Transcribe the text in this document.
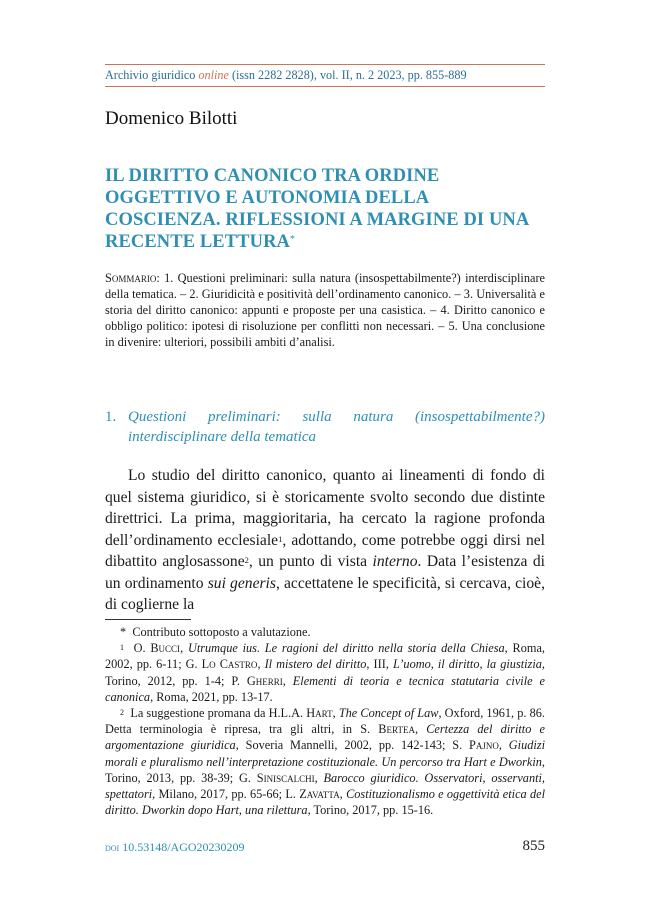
Archivio giuridico online (issn 2282 2828), vol. II, n. 2 2023, pp. 855-889
Domenico Bilotti
IL DIRITTO CANONICO TRA ORDINE OGGETTIVO E AUTONOMIA DELLA COSCIENZA. RIFLESSIONI A MARGINE DI UNA RECENTE LETTURA*
Sommario: 1. Questioni preliminari: sulla natura (insospettabilmente?) interdisciplinare della tematica. – 2. Giuridicità e positività dell’ordinamento canonico. – 3. Universalità e storia del diritto canonico: appunti e proposte per una casistica. – 4. Diritto canonico e obbligo politico: ipotesi di risoluzione per conflitti non necessari. – 5. Una conclusione in divenire: ulteriori, possibili ambiti d’analisi.
1. Questioni preliminari: sulla natura (insospettabilmente?) interdisciplinare della tematica

Lo studio del diritto canonico, quanto ai lineamenti di fondo di quel sistema giuridico, si è storicamente svolto secondo due distinte direttrici. La prima, maggioritaria, ha cercato la ragione profonda dell’ordinamento ecclesiale$^1$, adottando, come potrebbe oggi dirsi nel dibattito anglosassone$^2$, un punto di vista interno. Data l’esistenza di un ordinamento sui generis, accettatene le specificità, si cercava, cioè, di coglierne la

* Contributo sottoposto a valutazione.

$^1$ O. Bucci, Utrumque ius. Le ragioni del diritto nella storia della Chiesa, Roma, 2002, pp. 6-11; G. Lo Castro, Il mistero del diritto, III, L’uomo, il diritto, la giustizia, Torino, 2012, pp. 1-4; P. Gherri, Elementi di teoria e tecnica statutaria civile e canonica, Roma, 2021, pp. 13-17.

$^2$ La suggestione promana da H.L.A. Hart, The Concept of Law, Oxford, 1961, p. 86. Detta terminologia è ripresa, tra gli altri, in S. Bertea, Certezza del diritto e argomentazione giuridica, Soveria Mannelli, 2002, pp. 142-143; S. Pajno, Giudizi morali e pluralismo nell’interpretazione costituzionale. Un percorso tra Hart e Dworkin, Torino, 2013, pp. 38-39; G. Siniscalchi, Barocco giuridico. Osservatori, osservanti, spettatori, Milano, 2017, pp. 65-66; L. Zavatta, Costituzionalismo e oggettività etica del diritto. Dworkin dopo Hart, una rilettura, Torino, 2017, pp. 15-16.

doi 10.53148/AGO20230209	855
